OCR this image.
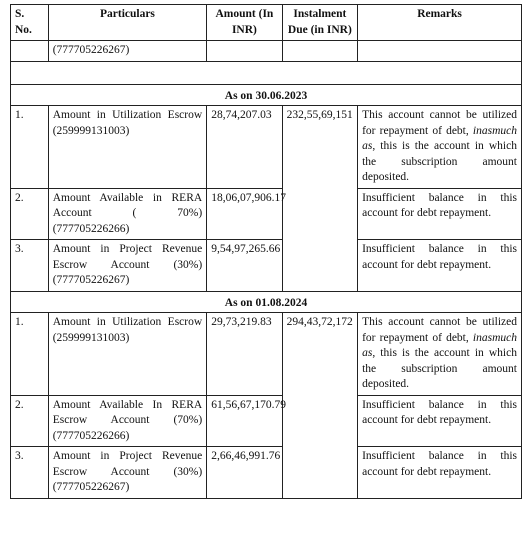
S. No.	Particulars	Amount (In INR)	Instalment Due (in INR)	Remarks
	(777705226267)			

As on 30.06.2023				
1.	Amount in Utilization Escrow (259999131003)	28,74,207.03	232,55,69,151	This account cannot be utilized for repayment of debt, inasmuch as, this is the account in which the subscription amount deposited.
2.	Amount Available in RERA Account ( 70%) (777705226266)	18,06,07,906.17		Insufficient balance in this account for debt repayment.
3.	Amount in Project Revenue Escrow Account (30%) (777705226267)	9,54,97,265.66		Insufficient balance in this account for debt repayment.
As on 01.08.2024				
1.	Amount in Utilization Escrow (259999131003)	29,73,219.83	294,43,72,172	This account cannot be utilized for repayment of debt, inasmuch as, this is the account in which the subscription amount deposited.
2.	Amount Available In RERA Escrow Account (70%) (777705226266)	61,56,67,170.79		Insufficient balance in this account for debt repayment.
3.	Amount in Project Revenue Escrow Account (30%) (777705226267)	2,66,46,991.76		Insufficient balance in this account for debt repayment.
